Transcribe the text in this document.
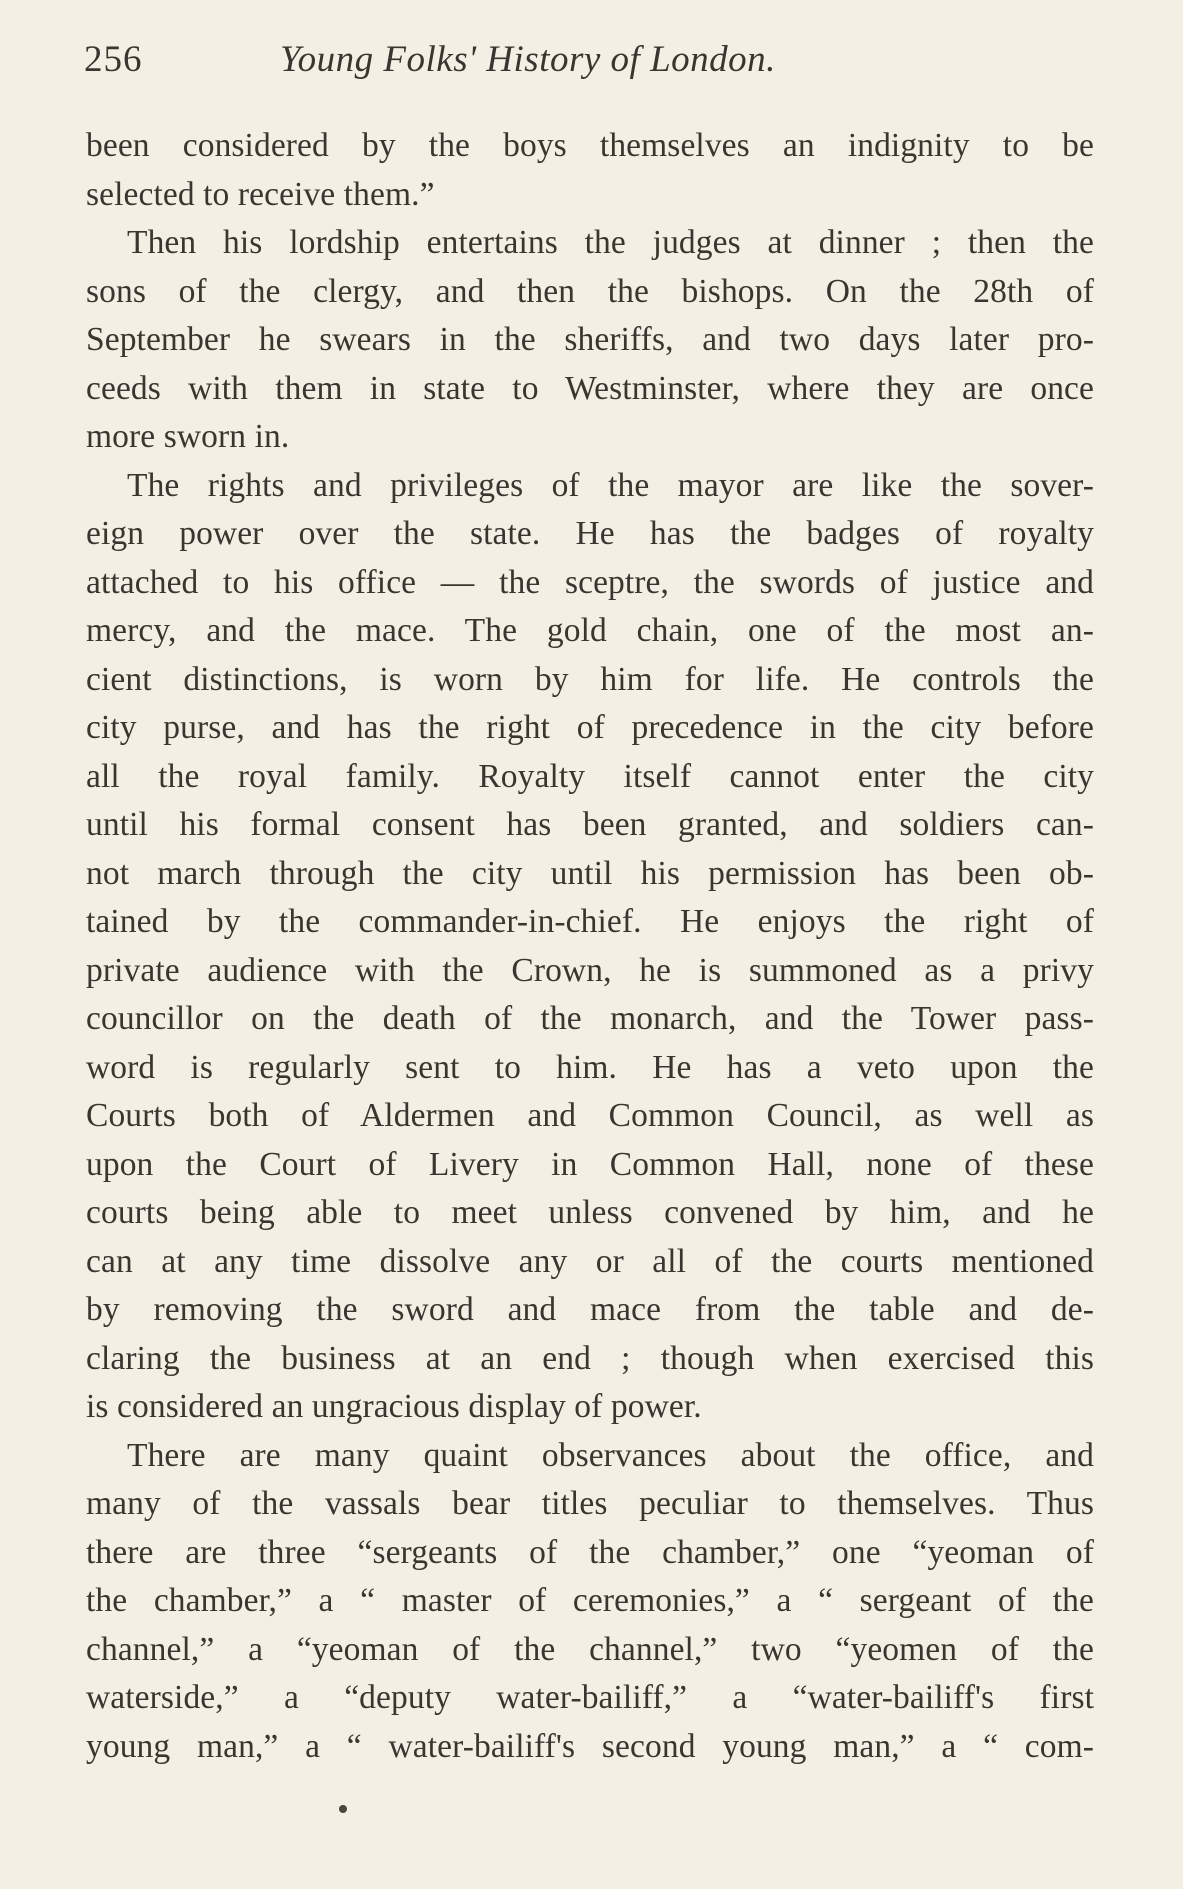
256	Young Folks' History of London.
been considered by the boys themselves an indignity to be
selected to receive them.”
Then his lordship entertains the judges at dinner ; then the
sons of the clergy, and then the bishops. On the 28th of
September he swears in the sheriffs, and two days later pro-
ceeds with them in state to Westminster, where they are once
more sworn in.
The rights and privileges of the mayor are like the sover-
eign power over the state. He has the badges of royalty
attached to his office — the sceptre, the swords of justice and
mercy, and the mace. The gold chain, one of the most an-
cient distinctions, is worn by him for life. He controls the
city purse, and has the right of precedence in the city before
all the royal family. Royalty itself cannot enter the city
until his formal consent has been granted, and soldiers can-
not march through the city until his permission has been ob-
tained by the commander-in-chief. He enjoys the right of
private audience with the Crown, he is summoned as a privy
councillor on the death of the monarch, and the Tower pass-
word is regularly sent to him. He has a veto upon the
Courts both of Aldermen and Common Council, as well as
upon the Court of Livery in Common Hall, none of these
courts being able to meet unless convened by him, and he
can at any time dissolve any or all of the courts mentioned
by removing the sword and mace from the table and de-
claring the business at an end ; though when exercised this
is considered an ungracious display of power.
There are many quaint observances about the office, and
many of the vassals bear titles peculiar to themselves. Thus
there are three “sergeants of the chamber,” one “yeoman of
the chamber,” a “ master of ceremonies,” a “ sergeant of the
channel,” a “yeoman of the channel,” two “yeomen of the
waterside,” a “deputy water-bailiff,” a “water-bailiff's first
young man,” a “ water-bailiff's second young man,” a “ com-
